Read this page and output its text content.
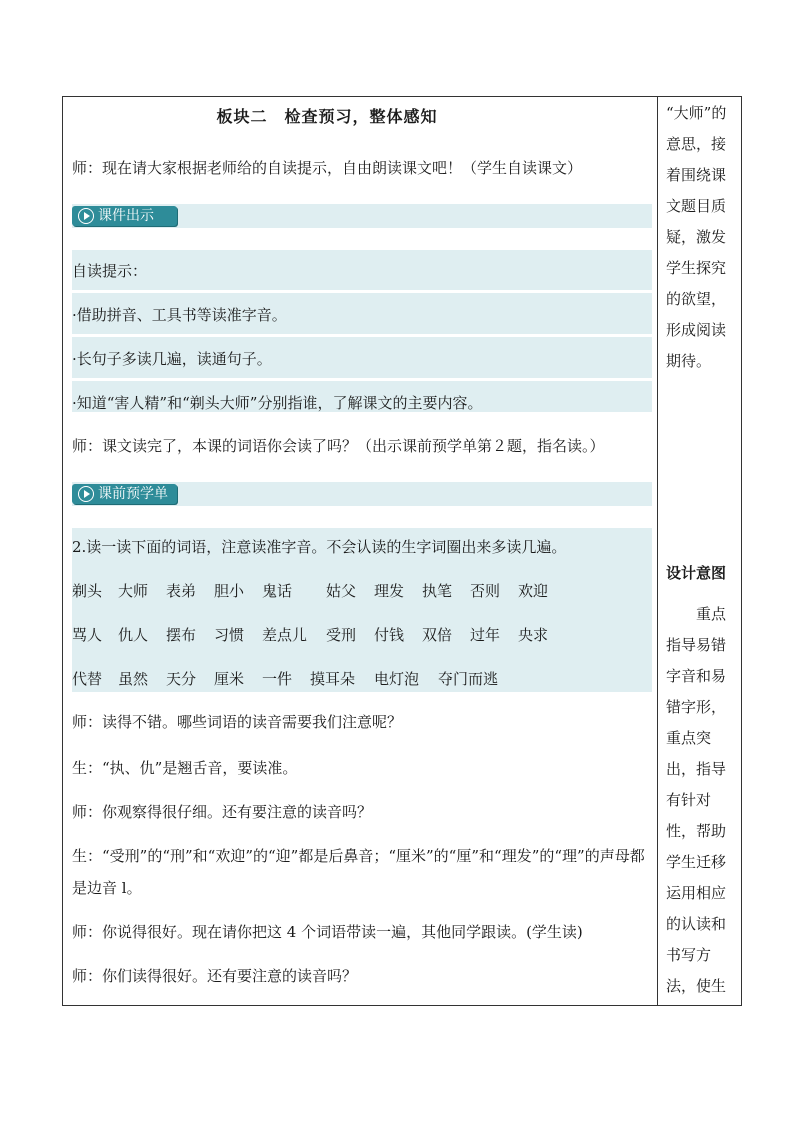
板块二　检查预习，整体感知
师：现在请大家根据老师给的自读提示，自由朗读课文吧！（学生自读课文）
课件出示
自读提示：
·借助拼音、工具书等读准字音。
·长句子多读几遍，读通句子。
·知道“害人精”和“剃头大师”分别指谁，了解课文的主要内容。
师：课文读完了，本课的词语你会读了吗？（出示课前预学单第２题，指名读。）
课前预学单
2.读一读下面的词语，注意读准字音。不会认读的生字词圈出来多读几遍。
剃头 大师 表弟 胆小 鬼话 姑父 理发 执笔 否则 欢迎
骂人 仇人 摆布 习惯 差点儿 受刑 付钱 双倍 过年 央求
代替 虽然 天分 厘米 一件 摸耳朵 电灯泡 夺门而逃
师：读得不错。哪些词语的读音需要我们注意呢？
生：“执、仇”是翘舌音，要读准。
师：你观察得很仔细。还有要注意的读音吗？
生：“受刑”的“刑”和“欢迎”的“迎”都是后鼻音；“厘米”的“厘”和“理发”的“理”的声母都是边音 l。
师：你说得很好。现在请你把这 4 个词语带读一遍，其他同学跟读。(学生读)
师：你们读得很好。还有要注意的读音吗？
“大师”的意思，接着围绕课文题目质疑，激发学生探究的欲望，形成阅读期待。
设计意图
　　重点指导易错字音和易错字形，重点突出，指导有针对性，帮助学生迁移运用相应的认读和书写方法，使生
